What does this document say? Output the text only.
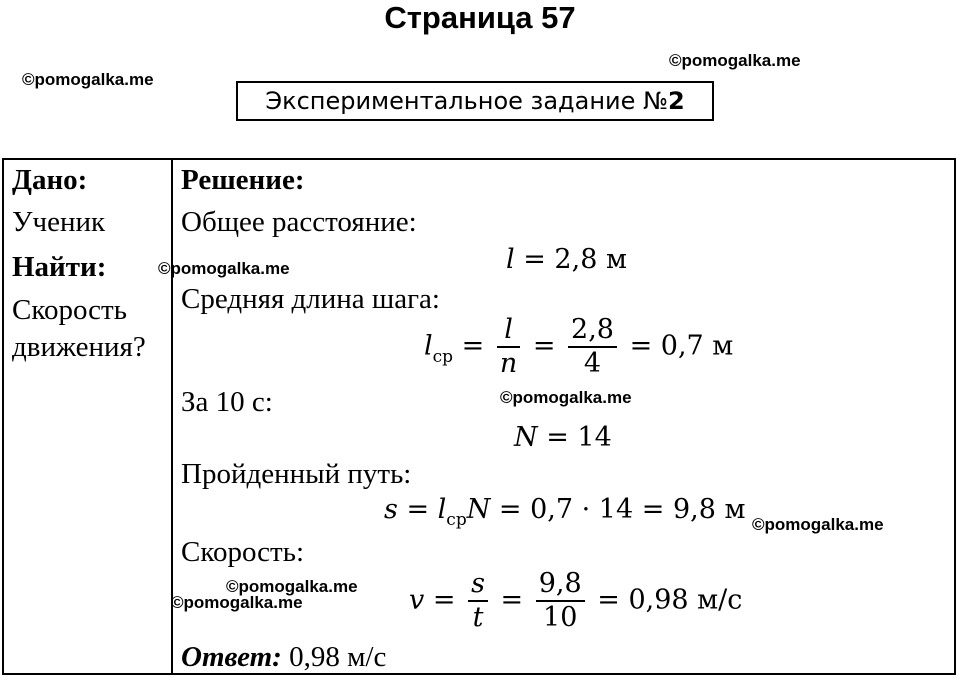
Страница 57
©pomogalka.me
©pomogalka.me
Экспериментальное задание №2
Дано:
Ученик
Найти:
Скорость
движения?
Решение:
Общее расстояние:
l = 2,8 м
©pomogalka.me
Средняя длина шага:
$l_{ср} = \frac{l}{n} = \frac{2,8}{4} = 0,7$ м
За 10 с:	©pomogalka.me
N = 14
Пройденный путь:
$s = l_{ср}N = 0,7 \cdot 14 = 9,8$ м ©pomogalka.me
Скорость:
©pomogalka.me
©pomogalka.me	$v = \frac{s}{t} = \frac{9,8}{10} = 0,98$ м/с
Ответ: 0,98 м/с
